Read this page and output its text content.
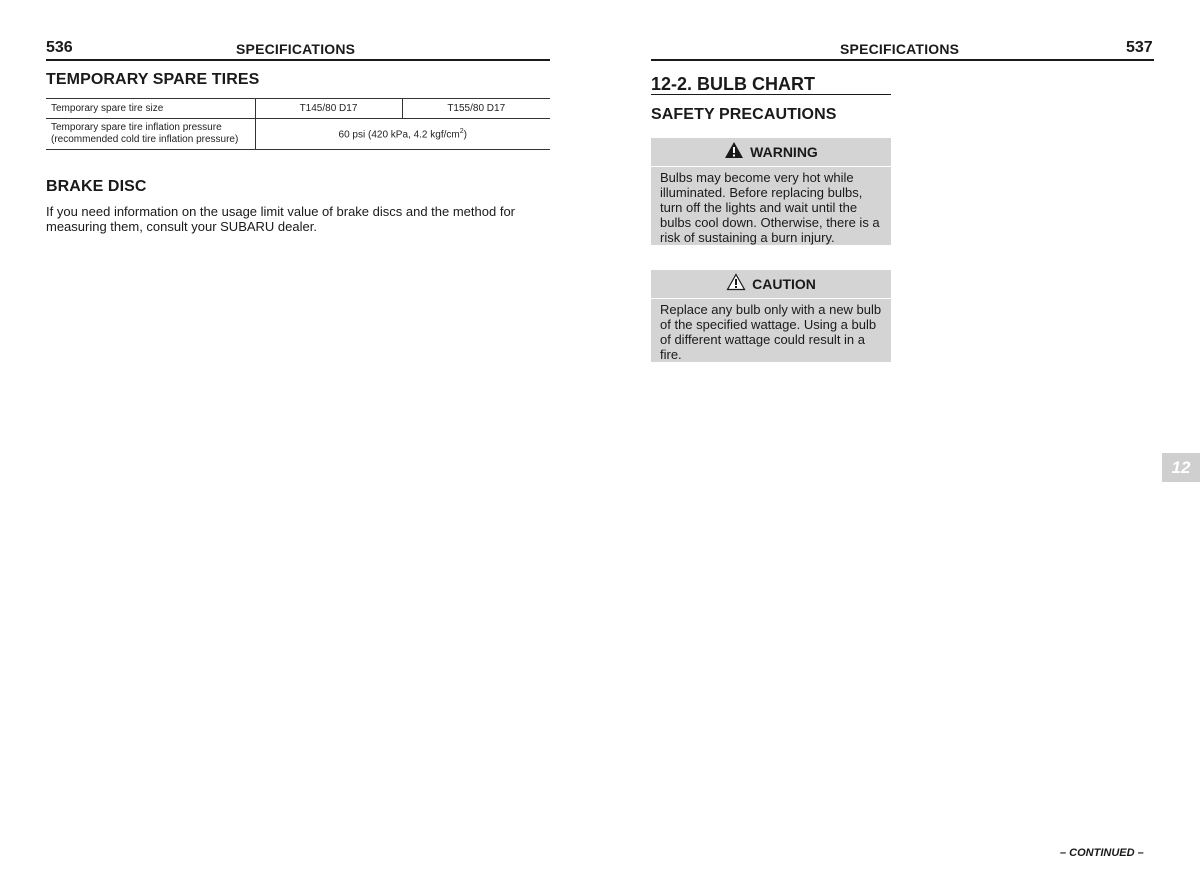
536	SPECIFICATIONS
TEMPORARY SPARE TIRES
Temporary spare tire size	T145/80 D17	T155/80 D17

Temporary spare tire inflation pressure
(recommended cold tire inflation pressure)	60 psi (420 kPa, 4.2 kgf/$cm^2$)	
BRAKE DISC
If you need information on the usage limit value of brake discs and the method for measuring them, consult your SUBARU dealer.
SPECIFICATIONS	537
12-2. BULB CHART
SAFETY PRECAUTIONS
WARNING
Bulbs may become very hot while illuminated. Before replacing bulbs, turn off the lights and wait until the bulbs cool down. Otherwise, there is a risk of sustaining a burn injury.
CAUTION
Replace any bulb only with a new bulb of the specified wattage. Using a bulb of different wattage could result in a fire.
12
– CONTINUED –
